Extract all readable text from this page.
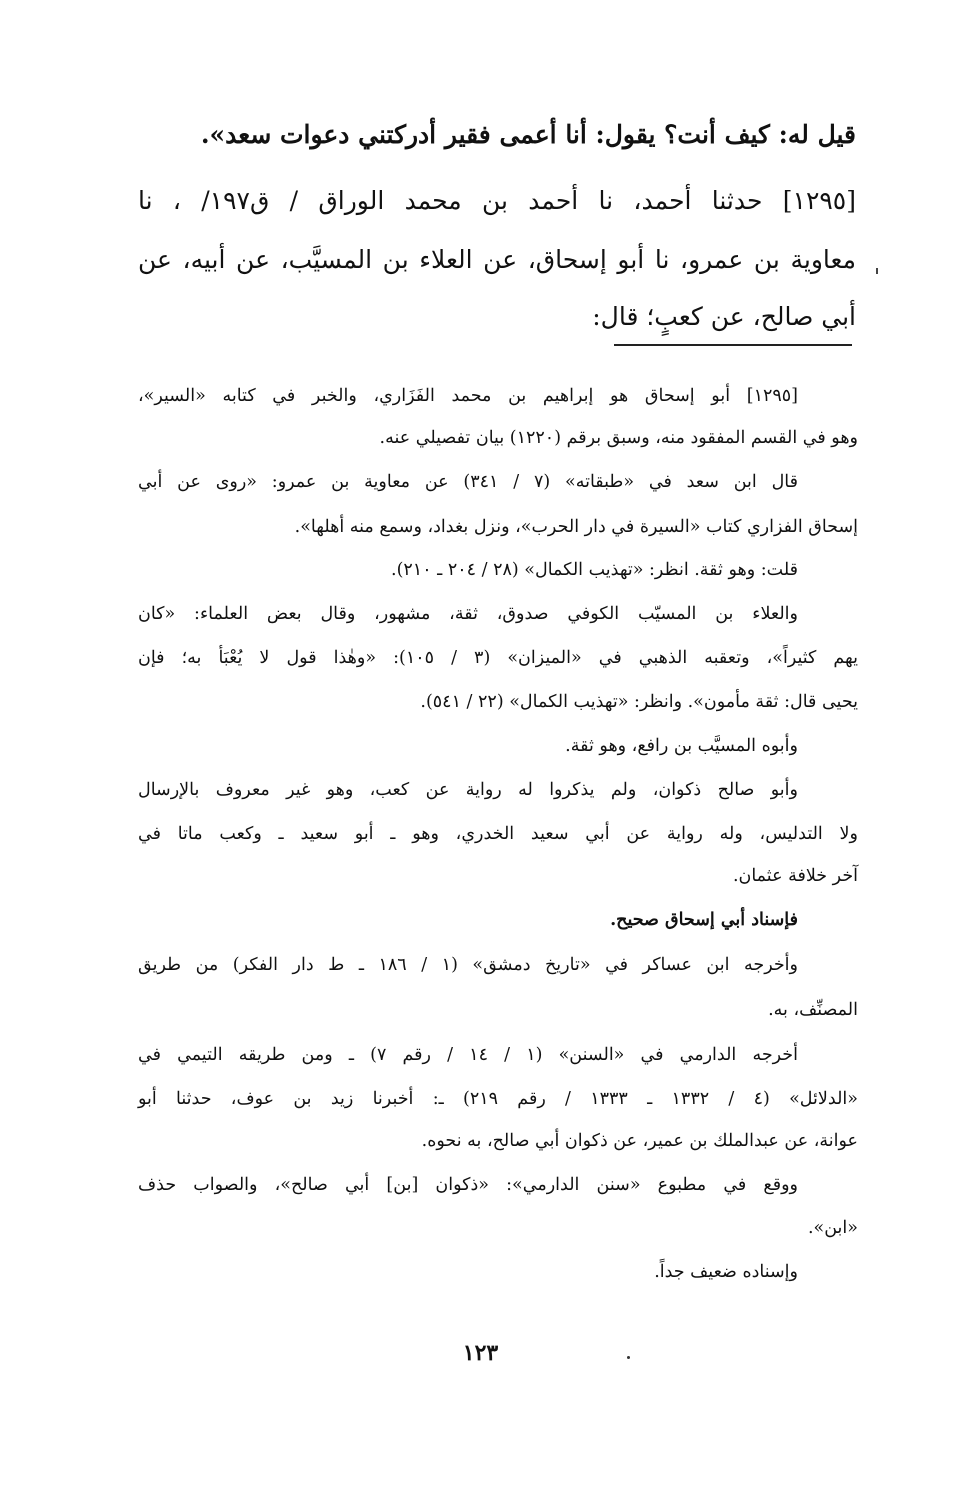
قيل له: كيف أنت؟ يقول: أنا أعمى فقير أدركتني دعوات سعد».
[١٢٩٥] حدثنا أحمد، نا أحمد بن محمد الوراق / ق١٩٧/ ، نا
معاوية بن عمرو، نا أبو إسحاق، عن العلاء بن المسيَّب، عن أبيه، عن
أبي صالح، عن كعبٍ؛ قال:
[١٢٩٥] أبو إسحاق هو إبراهيم بن محمد الفَزَاري، والخبر في كتابه «السير»،
وهو في القسم المفقود منه، وسبق برقم (١٢٢٠) بيان تفصيلي عنه.
قال ابن سعد في «طبقاته» (٧ / ٣٤١) عن معاوية بن عمرو: «روى عن أبي
إسحاق الفزاري كتاب «السيرة في دار الحرب»، ونزل بغداد، وسمع منه أهلها».
قلت: وهو ثقة. انظر: «تهذيب الكمال» (٢٨ / ٢٠٤ ـ ٢١٠).
والعلاء بن المسيّب الكوفي صدوق، ثقة، مشهور، وقال بعض العلماء: «كان
يهم كثيراً»، وتعقبه الذهبي في «الميزان» (٣ / ١٠٥): «وهٰذا قول لا يُعْبَأ به؛ فإن
يحيى قال: ثقة مأمون». وانظر: «تهذيب الكمال» (٢٢ / ٥٤١).
وأبوه المسيَّب بن رافع، وهو ثقة.
وأبو صالح ذكوان، ولم يذكروا له رواية عن كعب، وهو غير معروف بالإرسال
ولا التدليس، وله رواية عن أبي سعيد الخدري، وهو ـ أبو سعيد ـ وكعب ماتا في
آخر خلافة عثمان.
فإسناد أبي إسحاق صحيح.
وأخرجه ابن عساكر في «تاريخ دمشق» (١ / ١٨٦ ـ ط دار الفكر) من طريق
المصنِّف، به.
أخرجه الدارمي في «السنن» (١ / ١٤ / رقم ٧) ـ ومن طريقه التيمي في
«الدلائل» (٤ / ١٣٣٢ ـ ١٣٣٣ / رقم ٢١٩) ـ: أخبرنا زيد بن عوف، حدثنا أبو
عوانة، عن عبدالملك بن عمير، عن ذكوان أبي صالح، به نحوه.
ووقع في مطبوع «سنن الدارمي»: «ذكوان [بن] أبي صالح»، والصواب حذف
«ابن».
وإسناده ضعيف جداً.
١٢٣
